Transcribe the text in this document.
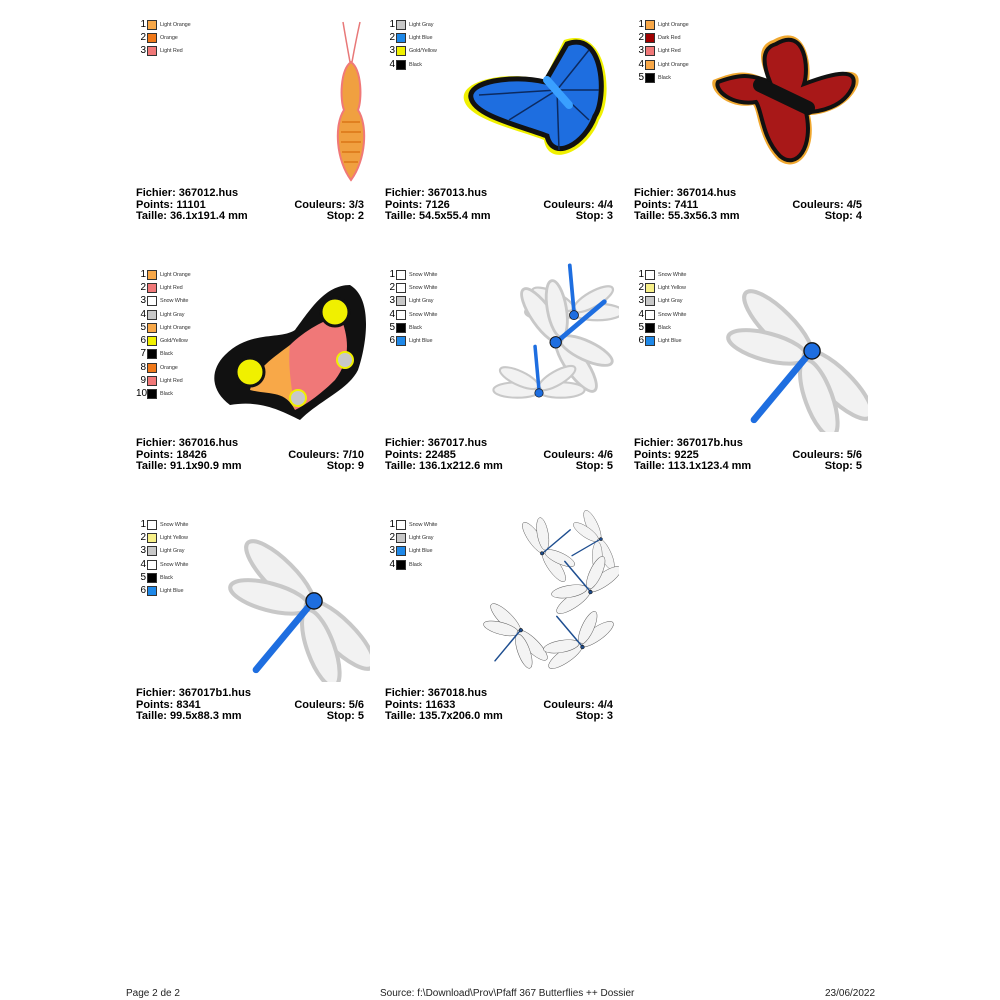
1	Light Orange
2	Orange
3	Light Red
Fichier: 367012.hus
Points: 11101	Couleurs: 3/3
Taille: 36.1x191.4 mm	Stop: 2
1	Light Gray
2	Light Blue
3	Gold/Yellow
4	Black
Fichier: 367013.hus
Points: 7126	Couleurs: 4/4
Taille: 54.5x55.4 mm	Stop: 3
1	Light Orange
2	Dark Red
3	Light Red
4	Light Orange
5	Black
Fichier: 367014.hus
Points: 7411	Couleurs: 4/5
Taille: 55.3x56.3 mm	Stop: 4
1	Light Orange
2	Light Red
3	Snow White
4	Light Gray
5	Light Orange
6	Gold/Yellow
7	Black
8	Orange
9	Light Red
10 Black
Fichier: 367016.hus
Points: 18426	Couleurs: 7/10
Taille: 91.1x90.9 mm	Stop: 9
1	Snow White
2	Snow White
3	Light Gray
4	Snow White
5	Black
6	Light Blue
Fichier: 367017.hus
Points: 22485	Couleurs: 4/6
Taille: 136.1x212.6 mm	Stop: 5
1	Snow White
2	Light Yellow
3	Light Gray
4	Snow White
5	Black
6	Light Blue
Fichier: 367017b.hus
Points: 9225	Couleurs: 5/6
Taille: 113.1x123.4 mm	Stop: 5
1	Snow White
2	Light Yellow
3	Light Gray
4	Snow White
5	Black
6	Light Blue
Fichier: 367017b1.hus
Points: 8341	Couleurs: 5/6
Taille: 99.5x88.3 mm	Stop: 5
1	Snow White
2	Light Gray
3	Light Blue
4	Black
Fichier: 367018.hus
Points: 11633	Couleurs: 4/4
Taille: 135.7x206.0 mm	Stop: 3
Page 2 de 2	Source: f:\Download\Prov\Pfaff 367 Butterflies ++ Dossier	23/06/2022
